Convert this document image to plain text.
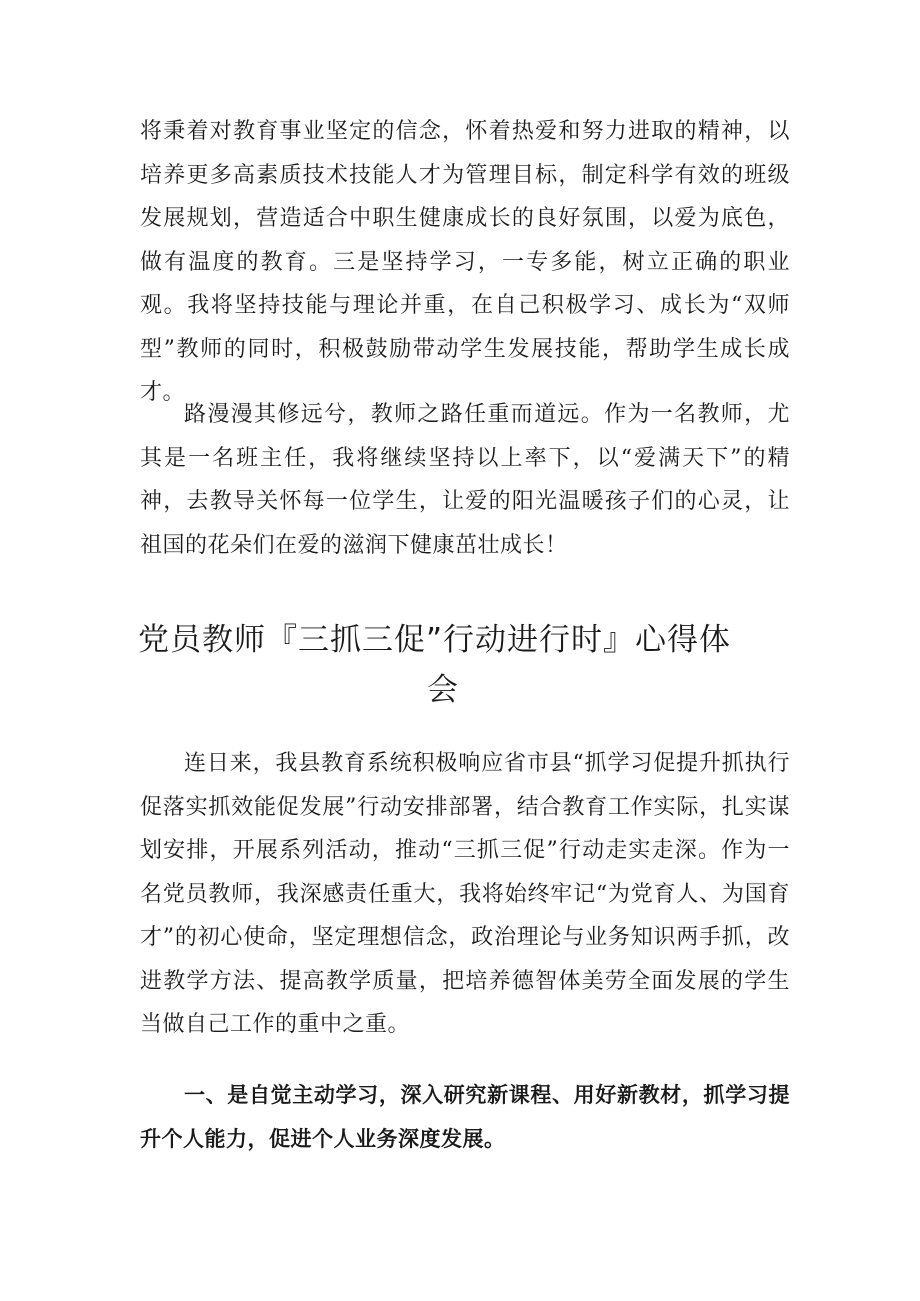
将秉着对教育事业坚定的信念，怀着热爱和努力进取的精神，以培养更多高素质技术技能人才为管理目标，制定科学有效的班级发展规划，营造适合中职生健康成长的良好氛围，以爱为底色，做有温度的教育。三是坚持学习，一专多能，树立正确的职业观。我将坚持技能与理论并重，在自己积极学习、成长为“双师型”教师的同时，积极鼓励带动学生发展技能，帮助学生成长成才。

路漫漫其修远兮，教师之路任重而道远。作为一名教师，尤其是一名班主任，我将继续坚持以上率下，以“爱满天下”的精神，去教导关怀每一位学生，让爱的阳光温暖孩子们的心灵，让祖国的花朵们在爱的滋润下健康茁壮成长！

党员教师『三抓三促”行动进行时』心得体
会

连日来，我县教育系统积极响应省市县“抓学习促提升抓执行促落实抓效能促发展”行动安排部署，结合教育工作实际，扎实谋划安排，开展系列活动，推动“三抓三促”行动走实走深。作为一名党员教师，我深感责任重大，我将始终牢记“为党育人、为国育才”的初心使命，坚定理想信念，政治理论与业务知识两手抓，改进教学方法、提高教学质量，把培养德智体美劳全面发展的学生当做自己工作的重中之重。

一、是自觉主动学习，深入研究新课程、用好新教材，抓学习提升个人能力，促进个人业务深度发展。
